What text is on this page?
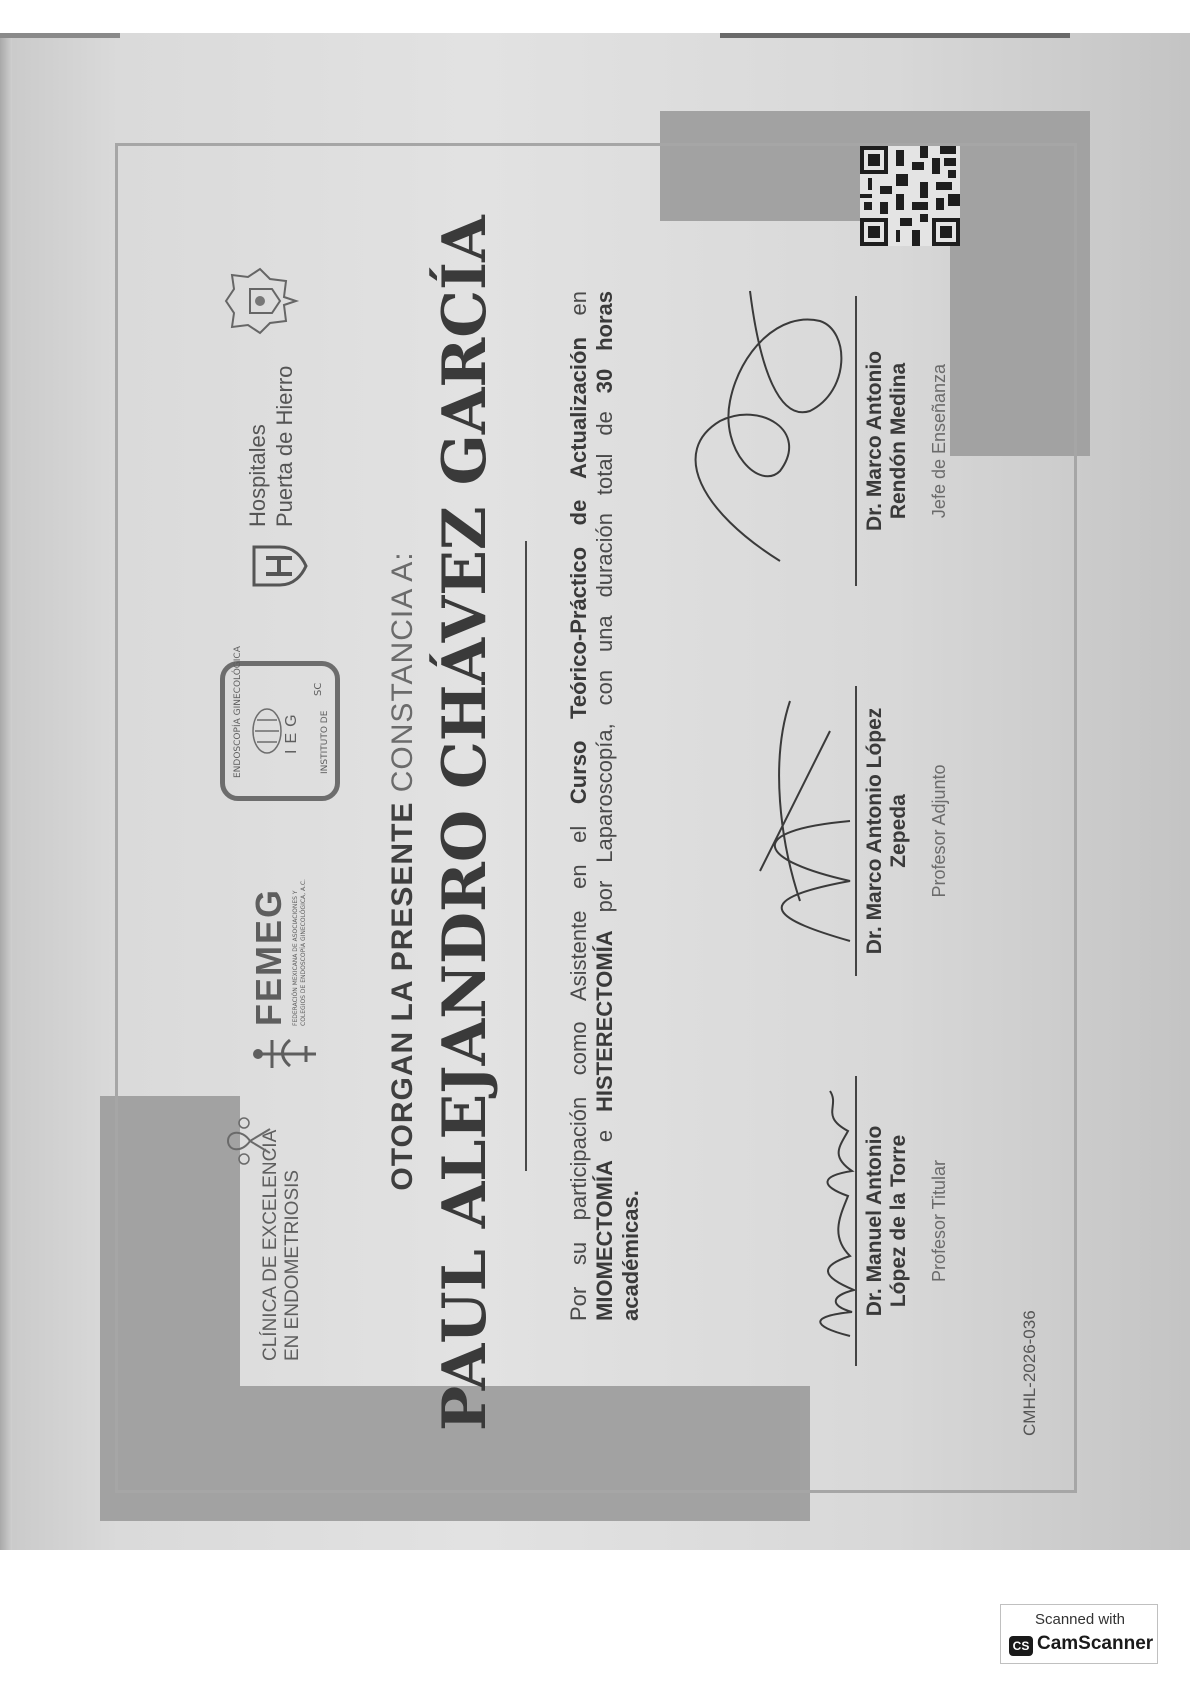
CLÍNICA DE EXCELENCIA EN ENDOMETRIOSIS
FEMEG FEDERACIÓN MEXICANA DE ASOCIACIONES Y COLEGIOS DE ENDOSCOPÍA GINECOLÓGICA, A.C.
ENDOSCOPÍA GINECOLÓGICA	IEG
SC
INSTITUTO DE
Hospitales Puerta de Hierro
OTORGAN LA PRESENTE CONSTANCIA A: PAUL ALEJANDRO CHÁVEZ GARCÍA	Por su participación como Asistente en el Curso Teórico-Práctico de Actualización en MIOMECTOMÍA e HISTERECTOMÍA por Laparoscopía, con una duración total de 30 horas académicas.	Dr. Manuel Antonio López de la Torre Profesor Titular
Dr. Marco Antonio López Zepeda Profesor Adjunto
Dr. Marco Antonio Rendón Medina Jefe de Enseñanza
CMHL-2026-036
Scanned with
CS CamScanner
